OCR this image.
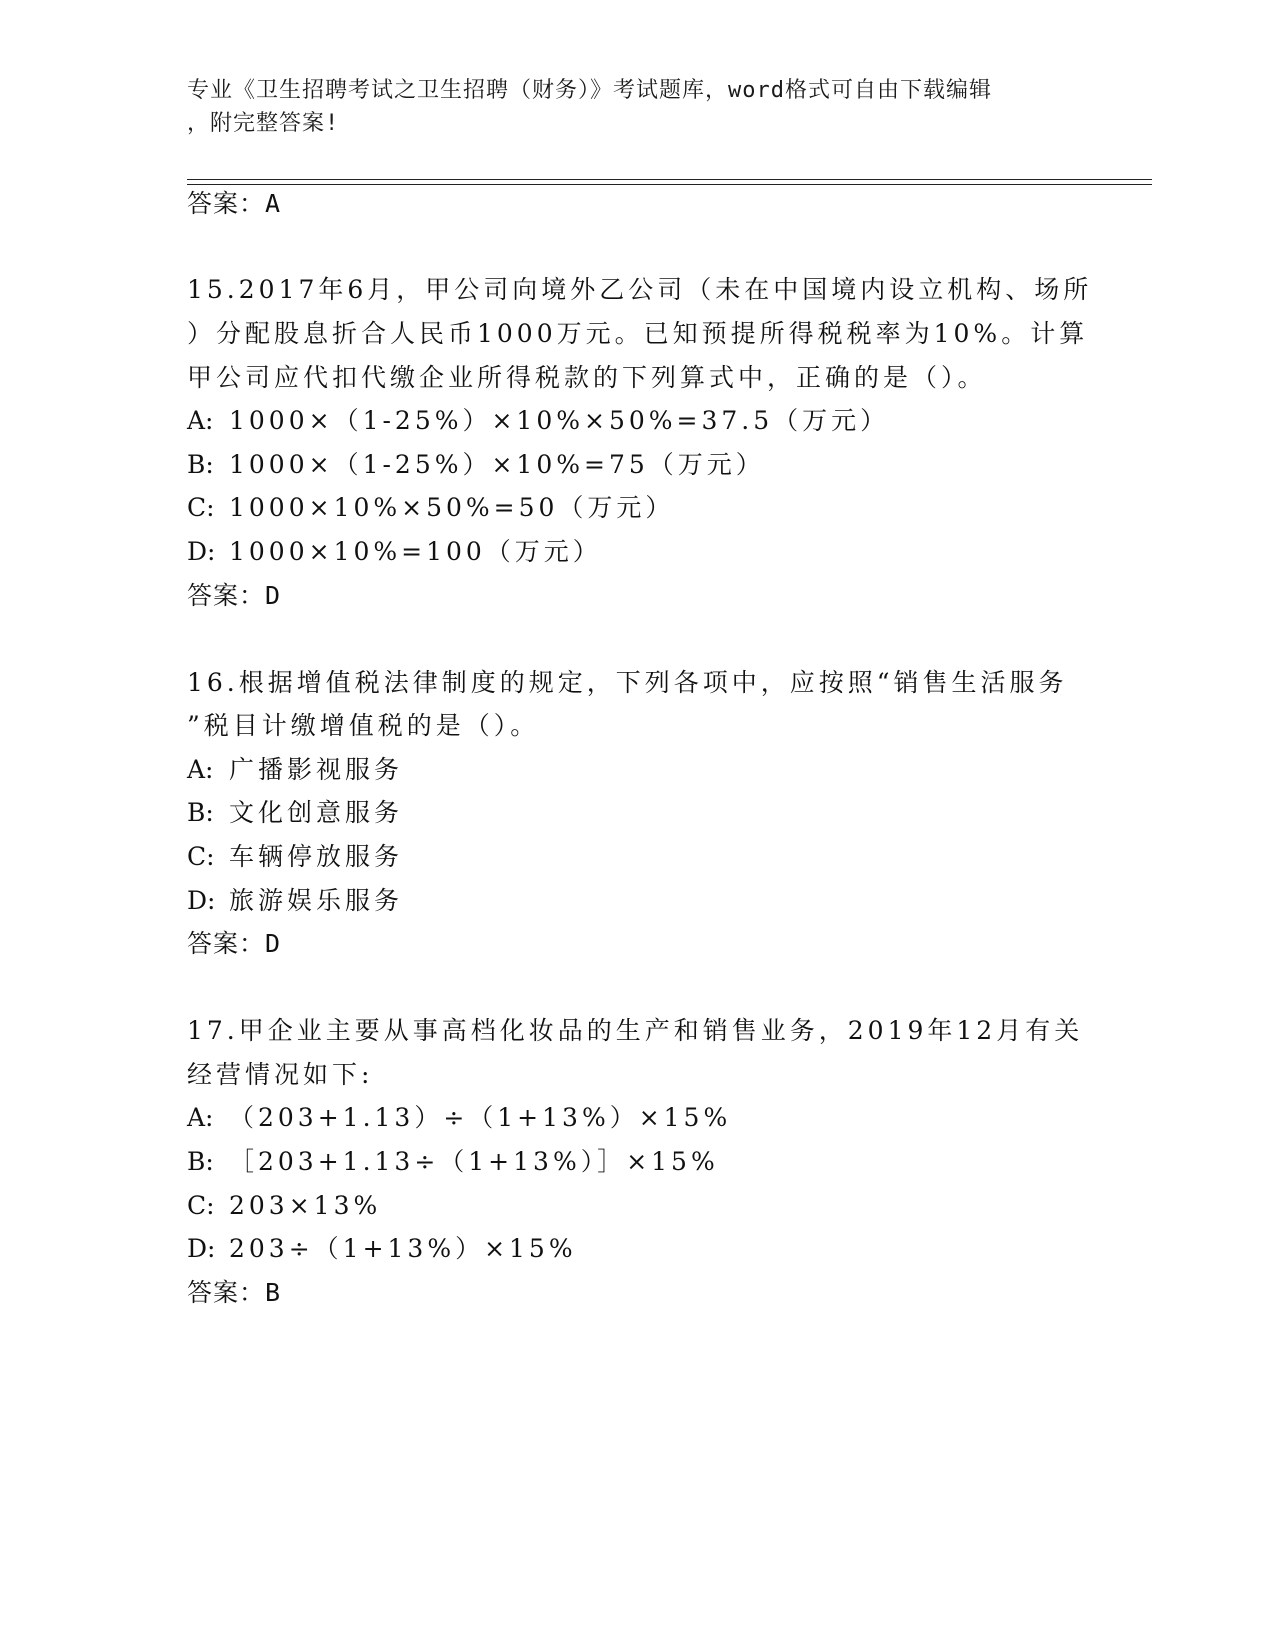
专业《卫生招聘考试之卫生招聘（财务）》考试题库，word格式可自由下载编辑
，附完整答案!
答案：A
15.2017年6月，甲公司向境外乙公司（未在中国境内设立机构、场所
）分配股息折合人民币1000万元。已知预提所得税税率为10%。计算
甲公司应代扣代缴企业所得税款的下列算式中，正确的是（）。
A: 1000×（1-25%）×10%×50%=37.5（万元）
B: 1000×（1-25%）×10%=75（万元）
C: 1000×10%×50%=50（万元）
D: 1000×10%=100（万元）
答案：D
16.根据增值税法律制度的规定，下列各项中，应按照“销售生活服务
”税目计缴增值税的是（）。
A: 广播影视服务
B: 文化创意服务
C: 车辆停放服务
D: 旅游娱乐服务
答案：D
17.甲企业主要从事高档化妆品的生产和销售业务，2019年12月有关
经营情况如下:
A: （203+1.13）÷（1+13%）×15%
B: ［203+1.13÷（1+13%）］×15%
C: 203×13%
D: 203÷（1+13%）×15%
答案：B
